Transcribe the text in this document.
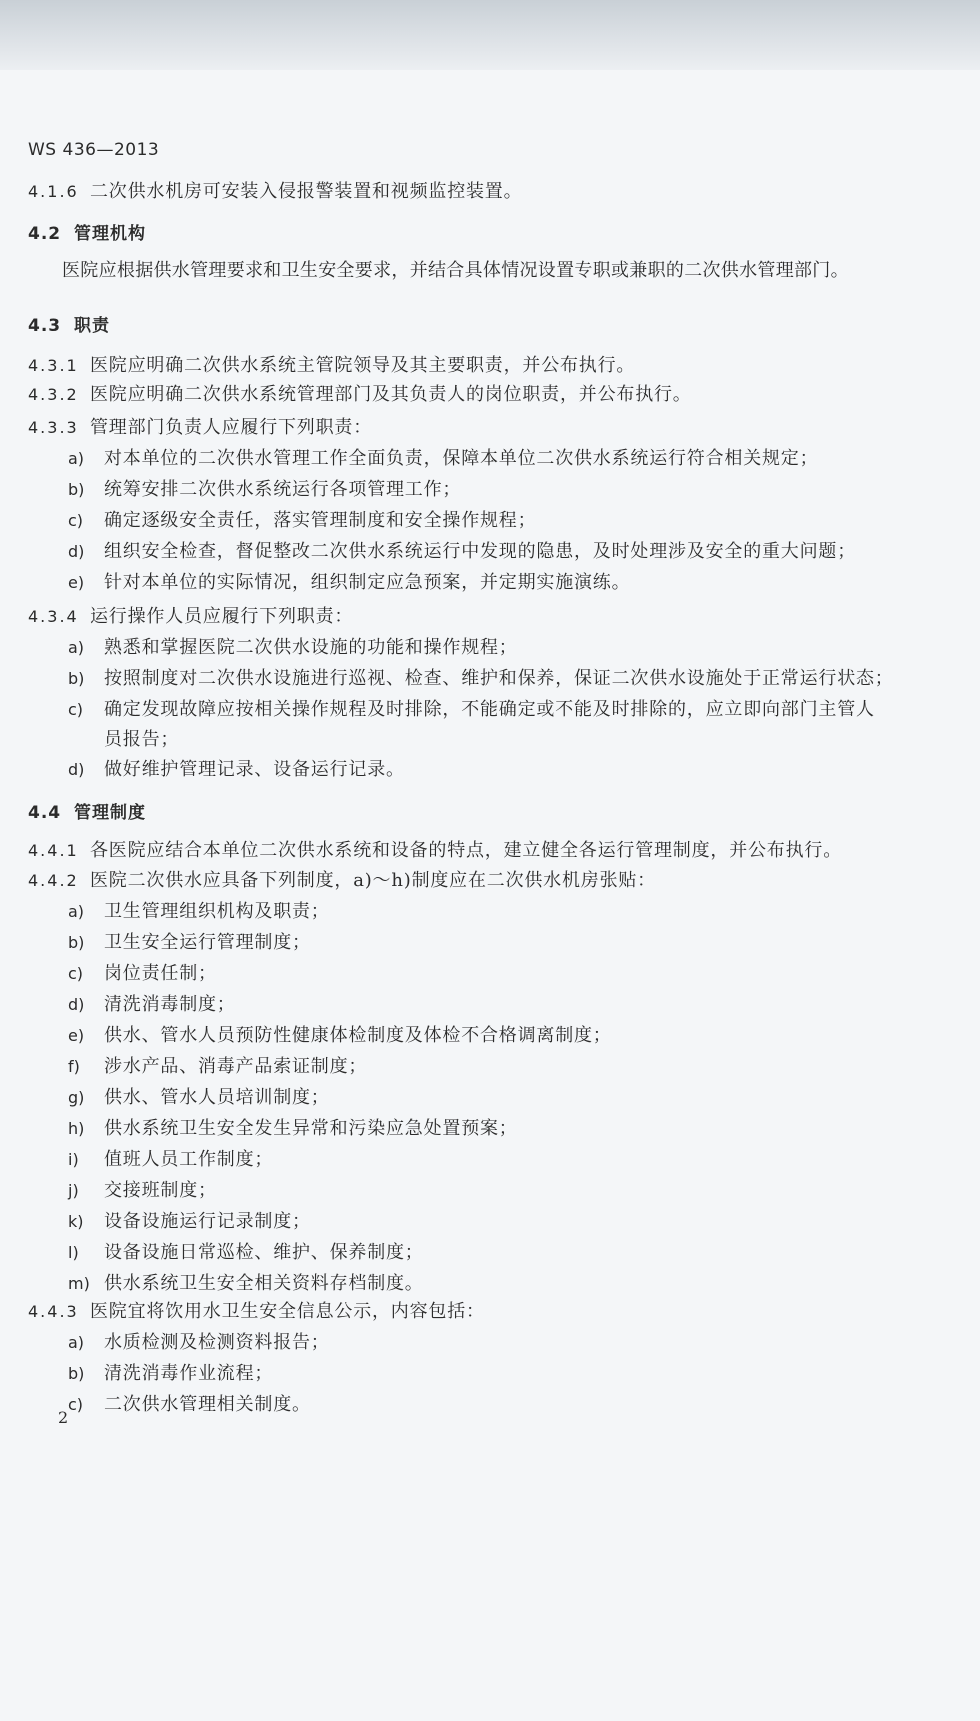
WS 436—2013
4.1.6 二次供水机房可安装入侵报警装置和视频监控装置。
4.2 管理机构
医院应根据供水管理要求和卫生安全要求，并结合具体情况设置专职或兼职的二次供水管理部门。
4.3 职责
4.3.1 医院应明确二次供水系统主管院领导及其主要职责，并公布执行。
4.3.2 医院应明确二次供水系统管理部门及其负责人的岗位职责，并公布执行。
4.3.3 管理部门负责人应履行下列职责：
a) 对本单位的二次供水管理工作全面负责，保障本单位二次供水系统运行符合相关规定；
b) 统筹安排二次供水系统运行各项管理工作；
c) 确定逐级安全责任，落实管理制度和安全操作规程；
d) 组织安全检查，督促整改二次供水系统运行中发现的隐患，及时处理涉及安全的重大问题；
e) 针对本单位的实际情况，组织制定应急预案，并定期实施演练。
4.3.4 运行操作人员应履行下列职责：
a) 熟悉和掌握医院二次供水设施的功能和操作规程；
b) 按照制度对二次供水设施进行巡视、检查、维护和保养，保证二次供水设施处于正常运行状态；
c) 确定发现故障应按相关操作规程及时排除，不能确定或不能及时排除的，应立即向部门主管人
员报告；
d) 做好维护管理记录、设备运行记录。
4.4 管理制度
4.4.1 各医院应结合本单位二次供水系统和设备的特点，建立健全各运行管理制度，并公布执行。
4.4.2 医院二次供水应具备下列制度，a)～h)制度应在二次供水机房张贴：
a) 卫生管理组织机构及职责；
b) 卫生安全运行管理制度；
c) 岗位责任制；
d) 清洗消毒制度；
e) 供水、管水人员预防性健康体检制度及体检不合格调离制度；
f) 涉水产品、消毒产品索证制度；
g) 供水、管水人员培训制度；
h) 供水系统卫生安全发生异常和污染应急处置预案；
i) 值班人员工作制度；
j) 交接班制度；
k) 设备设施运行记录制度；
l) 设备设施日常巡检、维护、保养制度；
m) 供水系统卫生安全相关资料存档制度。
4.4.3 医院宜将饮用水卫生安全信息公示，内容包括：
a) 水质检测及检测资料报告；
b) 清洗消毒作业流程；
c) 二次供水管理相关制度。
2
